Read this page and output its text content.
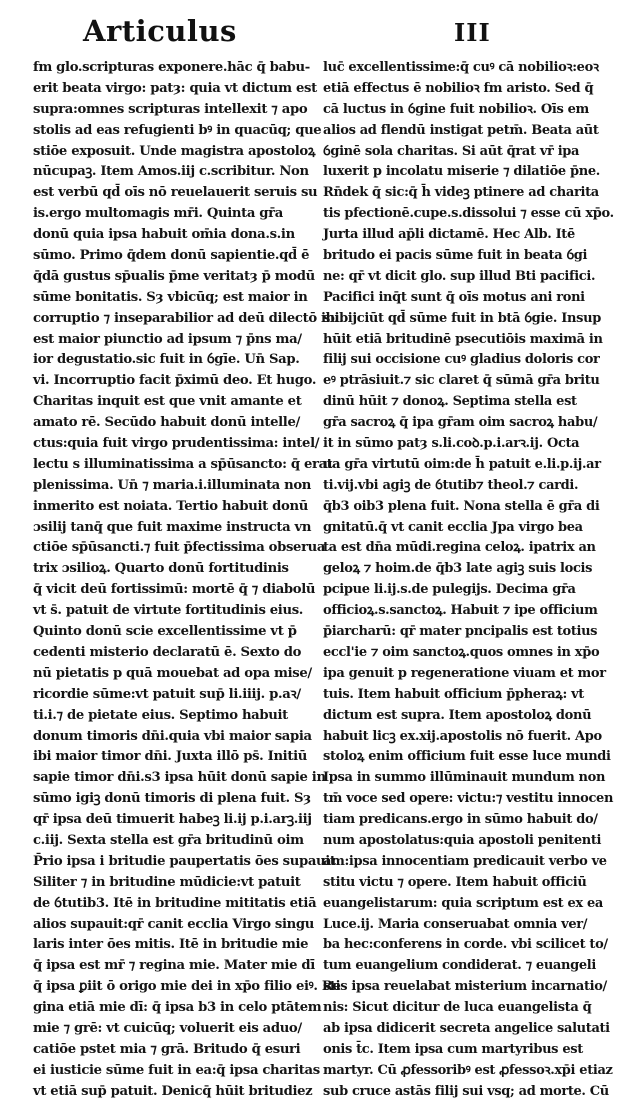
Articulus	III
fm glo.scripturas exponere.hāc q̄ babu-
erit beata virgo: patȝ: quia vt dictum est
supra:omnes scripturas intellexit ⁊ apo
stolis ad eas refugienti bꝰ in quacūq; que
stiōe exposuit. Unde magistra apostoloꝝ
nūcupaꝫ. Item Amos.iij c.scribitur. Non
est verbū qd̄ oīs nō reuelauerit seruis su
is.ergo multomagis mr̄i. Quinta gr̄a
donū quia ipsa habuit om̄ia dona.s.in
sūmo. Primo q̄dem donū sapientie.qd̄ ē
q̄dā gustus sp̄ualis p̄me veritatȝ p̄ modū
sūme bonitatis. Sȝ vbicūq; est maior in
corruptio ⁊ inseparabilior ad deū dilectō ibi
est maior piunctio ad ipsum ⁊ p̄ns ma/
ior degustatio.sic fuit in ỽgīe. Un̄ Sap.
vi. Incorruptio facit p̄ximū deo. Et hugo.
Charitas inquit est que vnit amante et
amato rē. Secūdo habuit donū intelle/
ctus:quia fuit virgo prudentissima: intel/
lectu s illuminatissima a sp̄ūsancto: q̄ erat
plenissima. Un̄ ⁊ maria.i.illuminata non
inmerito est noiata. Tertio habuit donū
ɔsilij tanq̄ que fuit maxime instructa vn
ctiōe sp̄ūsancti.⁊ fuit p̄fectissima obserua
trix ɔsilioꝝ. Quarto donū fortitudinis
q̄ vicit deū fortissimū: mortē q̄ ⁊ diabolū
vt s̄. patuit de virtute fortitudinis eius.
Quinto donū scie excellentissime vt p̄
cedenti misterio declaratū ē. Sexto do
nū pietatis p quā mouebat ad opa mise/
ricordie sūme:vt patuit sup̄ li.iiij. p.aꝛ/
ti.i.⁊ de pietate eius. Septimo habuit
donum timoris dn̄i.quia vbi maior sapia
ibi maior timor dn̄i. Juxta illō ps̄. Initiū
sapie timor dn̄i.s3 ipsa hūit donū sapie in
sūmo igiꝫ donū timoris di plena fuit. Sȝ
qr̄ ipsa deū timuerit habeꝫ li.ij p.i.arꝫ.iij
c.iij. Sexta stella est gr̄a britudinū oim
P̄rio ipsa i britudie paupertatis ōes supauit
Siliter ⁊ in britudine mūdicie:vt patuit
de ỽtutib3. Itē in britudine mititatis etiā
alios supauit:qr̄ canit ecclia Virgo singu
laris inter ōes mitis. Itē in britudie mie
q̄ ipsa est mr̄ ⁊ regina mie. Mater mie dī
q̄ ipsa ꝑiit ō origo mie dei in xp̄o filio eiꝰ. Re
gina etiā mie dī: q̄ ipsa b3 in celo ptātem
mie ⁊ grē: vt cuicūq; voluerit eis aduo/
catiōe pstet mia ⁊ grā. Britudo q̄ esuri
ei iusticie sūme fuit in ea:q̄ ipsa charitas
vt etiā sup̄ patuit. Denicq̄ hūit britudiez
luc̄ excellentissime:q̄ cuꝰ cā nobilioꝛ:eoꝛ
etiā effectus ē nobilioꝛ fm aristo. Sed q̄
cā luctus in ỽgine fuit nobilioꝛ. Oīs em
alios ad flendū instigat petm̄. Beata aūt
ỽginē sola charitas. Si aūt q̄rat vr̄ ipa
luxerit p incolatu miserie ⁊ dilatiōe p̄ne.
Rn̄dek q̄ sic:q̄ h̄ videꝫ ptinere ad charita
tis pfectionē.cupe.s.dissolui ⁊ esse cū xp̄o.
Jurta illud ap̄li dictamē. Hec Alb. Itē
britudo ei pacis sūme fuit in beata ỽgi
ne: qr̄ vt dicit glo. sup illud Bti pacifici.
Pacifici inq̄t sunt q̄ oīs motus ani roni
subijciūt qd̄ sūme fuit in btā ỽgie. Insup
hūit etiā britudinē psecutiōis maximā in
filij sui occisione cuꝰ gladius doloris cor
eꝰ ptrāsiuit.⁊ sic claret q̄ sūmā gr̄a britu
dinū hūit ⁊ donoꝝ. Septima stella est
gr̄a sacroꝝ q̄ ipa gr̄am oim sacroꝝ habu/
it in sūmo patȝ s.li.coꝺ.p.i.arꝛ.ij. Octa
ua gr̄a virtutū oim:de h̄ patuit e.li.p.ij.ar
ti.vij.vbi agiꝫ de ỽtutib⁊ theol.⁊ cardi.
q̄b3 oib3 plena fuit. Nona stella ē gr̄a di
gnitatū.q̄ vt canit ecclia Jpa virgo bea
ta est dn̄a mūdi.regina celoꝝ. ipatrix an
geloꝝ ⁊ hoim.de q̄b3 late agiꝫ suis locis
pcipue li.ij.s.de pulegijs. Decima gr̄a
officioꝝ.s.sanctoꝝ. Habuit ⁊ ipe officium
p̄iarcharū: qr̄ mater pncipalis est totius
eccl'ie ⁊ oim sanctoꝝ.quos omnes in xp̄o
ipa genuit p regeneratione viuam et mor
tuis. Item habuit officium p̄pheraꝝ: vt
dictum est supra. Item apostoloꝝ donū
habuit licꝫ ex.xij.apostolis nō fuerit. Apo
stoloꝝ enim officium fuit esse luce mundi
Ipsa in summo illūminauit mundum non
tm̄ voce sed opere: victu:⁊ vestitu innocen
tiam predicans.ergo in sūmo habuit do/
num apostolatus:quia apostoli penitenti
am:ipsa innocentiam predicauit verbo ve
stitu victu ⁊ opere. Item habuit officiū
euangelistarum: quia scriptum est ex ea
Luce.ij. Maria conseruabat omnia ver/
ba hec:conferens in corde. vbi scilicet to/
tum euangelium condiderat. ⁊ euangeli
stis ipsa reuelabat misterium incarnatio/
nis: Sicut dicitur de luca euangelista q̄
ab ipsa didicerit secreta angelice salutati
onis t̄c. Item ipsa cum martyribus est
martyr. Cū ꝓfessoribꝰ est ꝓfessoꝛ.xp̄i etiaz
sub cruce astās filij sui vsq; ad morte. Cū
